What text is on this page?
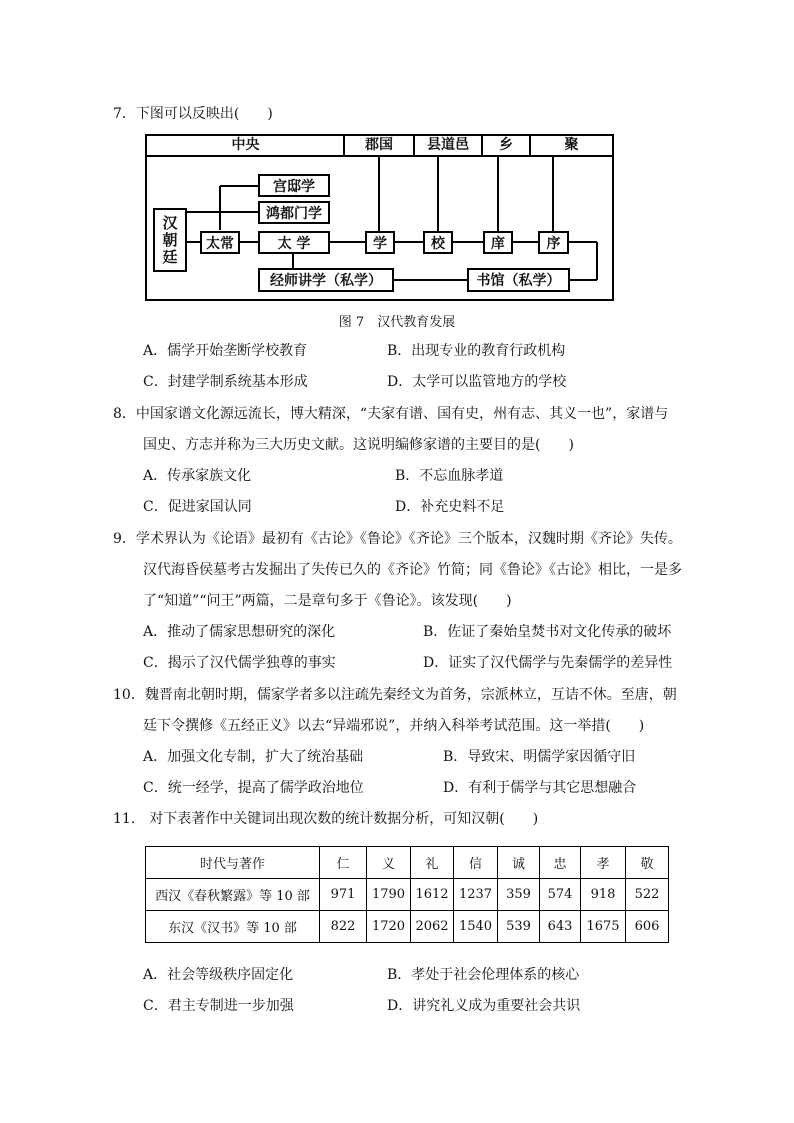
7．下图可以反映出(　　)
中央	郡国	县道邑	乡	聚
汉朝廷	太常
宫邸学
鸿都门学
太 学	学	校	庠	序
经师讲学（私学）	书馆（私学）
图 7　汉代教育发展
A．儒学开始垄断学校教育	B．出现专业的教育行政机构
C．封建学制系统基本形成	D．太学可以监管地方的学校
8．中国家谱文化源远流长，博大精深，“夫家有谱、国有史，州有志、其义一也”，家谱与
国史、方志并称为三大历史文献。这说明编修家谱的主要目的是(　　)
A．传承家族文化	B．不忘血脉孝道
C．促进家国认同	D．补充史料不足
9．学术界认为《论语》最初有《古论》《鲁论》《齐论》三个版本，汉魏时期《齐论》失传。
汉代海昏侯墓考古发掘出了失传已久的《齐论》竹简；同《鲁论》《古论》相比，一是多
了“知道”“问王”两篇，二是章句多于《鲁论》。该发现(　　)
A．推动了儒家思想研究的深化	B．佐证了秦始皇焚书对文化传承的破坏
C．揭示了汉代儒学独尊的事实	D．证实了汉代儒学与先秦儒学的差异性
10．魏晋南北朝时期，儒家学者多以注疏先秦经文为首务，宗派林立，互诘不休。至唐，朝
廷下令撰修《五经正义》以去“异端邪说”，并纳入科举考试范围。这一举措(　　)
A．加强文化专制，扩大了统治基础	B．导致宋、明儒学家因循守旧
C．统一经学，提高了儒学政治地位	D．有利于儒学与其它思想融合
11． 对下表著作中关键词出现次数的统计数据分析，可知汉朝(　　)
时代与著作	仁	义	礼	信	诚	忠	孝	敬
西汉《春秋繁露》等 10 部	971	1790	1612	1237	359	574	918	522
东汉《汉书》等 10 部	822	1720	2062	1540	539	643	1675	606
A．社会等级秩序固定化	B．孝处于社会伦理体系的核心
C．君主专制进一步加强	D．讲究礼义成为重要社会共识
